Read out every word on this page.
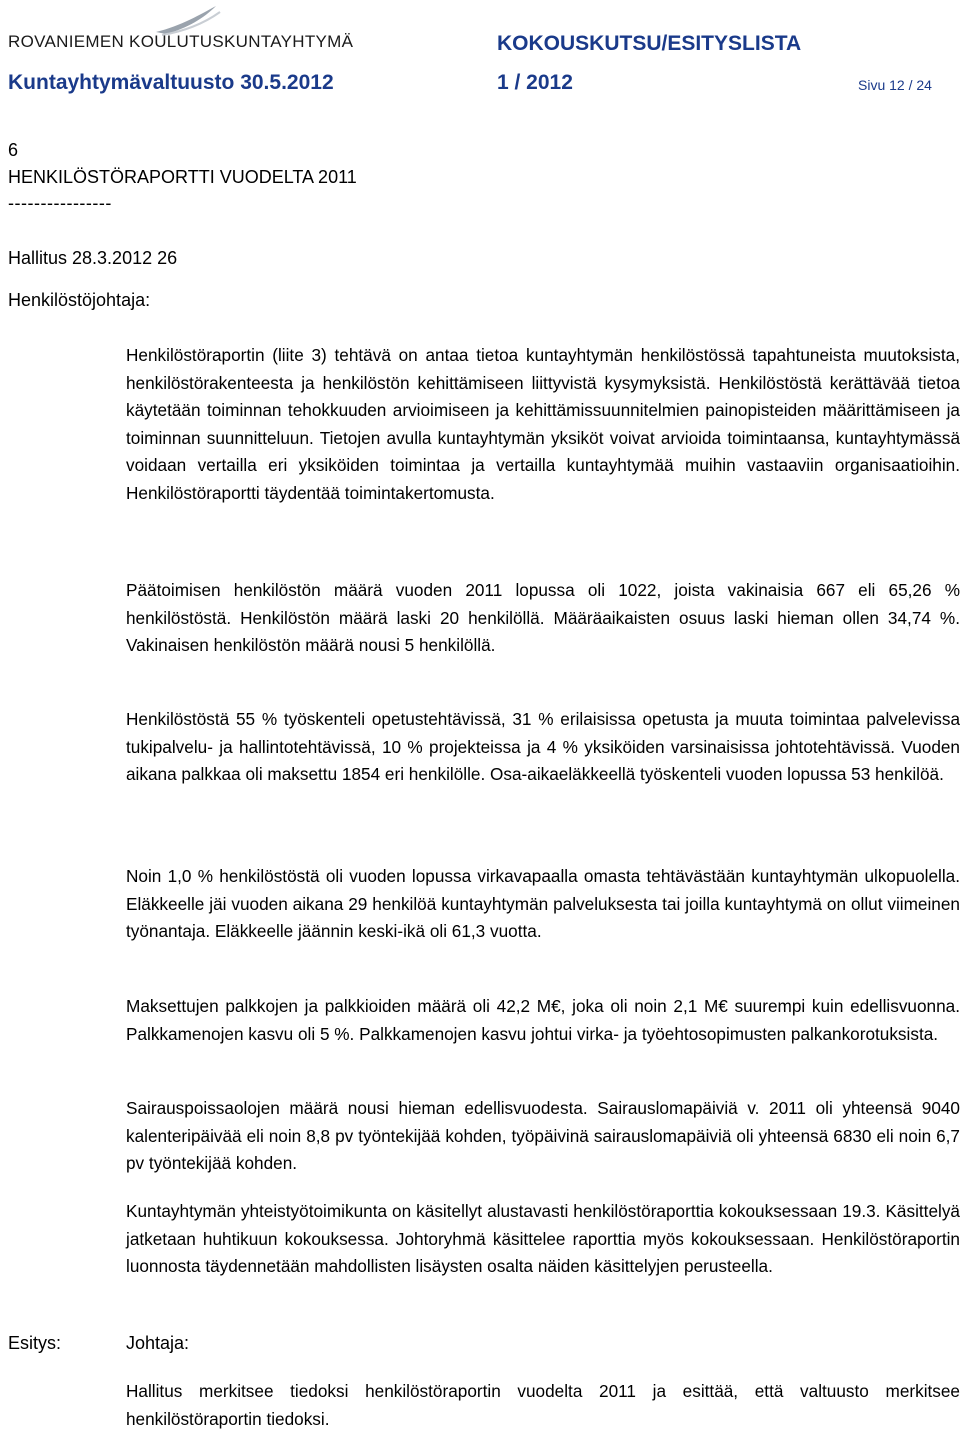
ROVANIEMEN KOULUTUSKUNTAYHTYMÄ	KOKOUSKUTSU/ESITYSLISTA
Kuntayhtymävaltuusto 30.5.2012	1 / 2012	Sivu 12 / 24
6
HENKILÖSTÖRAPORTTI VUODELTA 2011
----------------
Hallitus 28.3.2012 26
Henkilöstöjohtaja:

Henkilöstöraportin (liite 3) tehtävä on antaa tietoa kuntayhtymän henkilöstössä tapahtuneista muutoksista, henkilöstörakenteesta ja henkilöstön kehittämiseen liittyvistä kysymyksistä. Henkilöstöstä kerättävää tietoa käytetään toiminnan tehokkuuden arvioimiseen ja kehittämissuunnitelmien painopisteiden määrittämiseen ja toiminnan suunnitteluun. Tietojen avulla kuntayhtymän yksiköt voivat arvioida toimintaansa, kuntayhtymässä voidaan vertailla eri yksiköiden toimintaa ja vertailla kuntayhtymää muihin vastaaviin organisaatioihin. Henkilöstöraportti täydentää toimintakertomusta.

Päätoimisen henkilöstön määrä vuoden 2011 lopussa oli 1022, joista vakinaisia 667 eli 65,26 % henkilöstöstä. Henkilöstön määrä laski 20 henkilöllä. Määräaikaisten osuus laski hieman ollen 34,74 %. Vakinaisen henkilöstön määrä nousi 5 henkilöllä.

Henkilöstöstä 55 % työskenteli opetustehtävissä, 31 % erilaisissa opetusta ja muuta toimintaa palvelevissa tukipalvelu- ja hallintotehtävissä, 10 % projekteissa ja 4 % yksiköiden varsinaisissa johtotehtävissä. Vuoden aikana palkkaa oli maksettu 1854 eri henkilölle. Osa-aikaeläkkeellä työskenteli vuoden lopussa 53 henkilöä.

Noin 1,0 % henkilöstöstä oli vuoden lopussa virkavapaalla omasta tehtävästään kuntayhtymän ulkopuolella. Eläkkeelle jäi vuoden aikana 29 henkilöä kuntayhtymän palveluksesta tai joilla kuntayhtymä on ollut viimeinen työnantaja. Eläkkeelle jäännin keski-ikä oli 61,3 vuotta.

Maksettujen palkkojen ja palkkioiden määrä oli 42,2 M€, joka oli noin 2,1 M€ suurempi kuin edellisvuonna. Palkkamenojen kasvu oli 5 %. Palkkamenojen kasvu johtui virka- ja työehtosopimusten palkankorotuksista.

Sairauspoissaolojen määrä nousi hieman edellisvuodesta. Sairauslomapäiviä v. 2011 oli yhteensä 9040 kalenteripäivää eli noin 8,8 pv työntekijää kohden, työpäivinä sairauslomapäiviä oli yhteensä 6830 eli noin 6,7 pv työntekijää kohden.

Kuntayhtymän yhteistyötoimikunta on käsitellyt alustavasti henkilöstöraporttia kokouksessaan 19.3. Käsittelyä jatketaan huhtikuun kokouksessa. Johtoryhmä käsittelee raporttia myös kokouksessaan. Henkilöstöraportin luonnosta täydennetään mahdollisten lisäysten osalta näiden käsittelyjen perusteella.

Esitys:	Johtaja:

Hallitus merkitsee tiedoksi henkilöstöraportin vuodelta 2011 ja esittää, että valtuusto merkitsee henkilöstöraportin tiedoksi.
